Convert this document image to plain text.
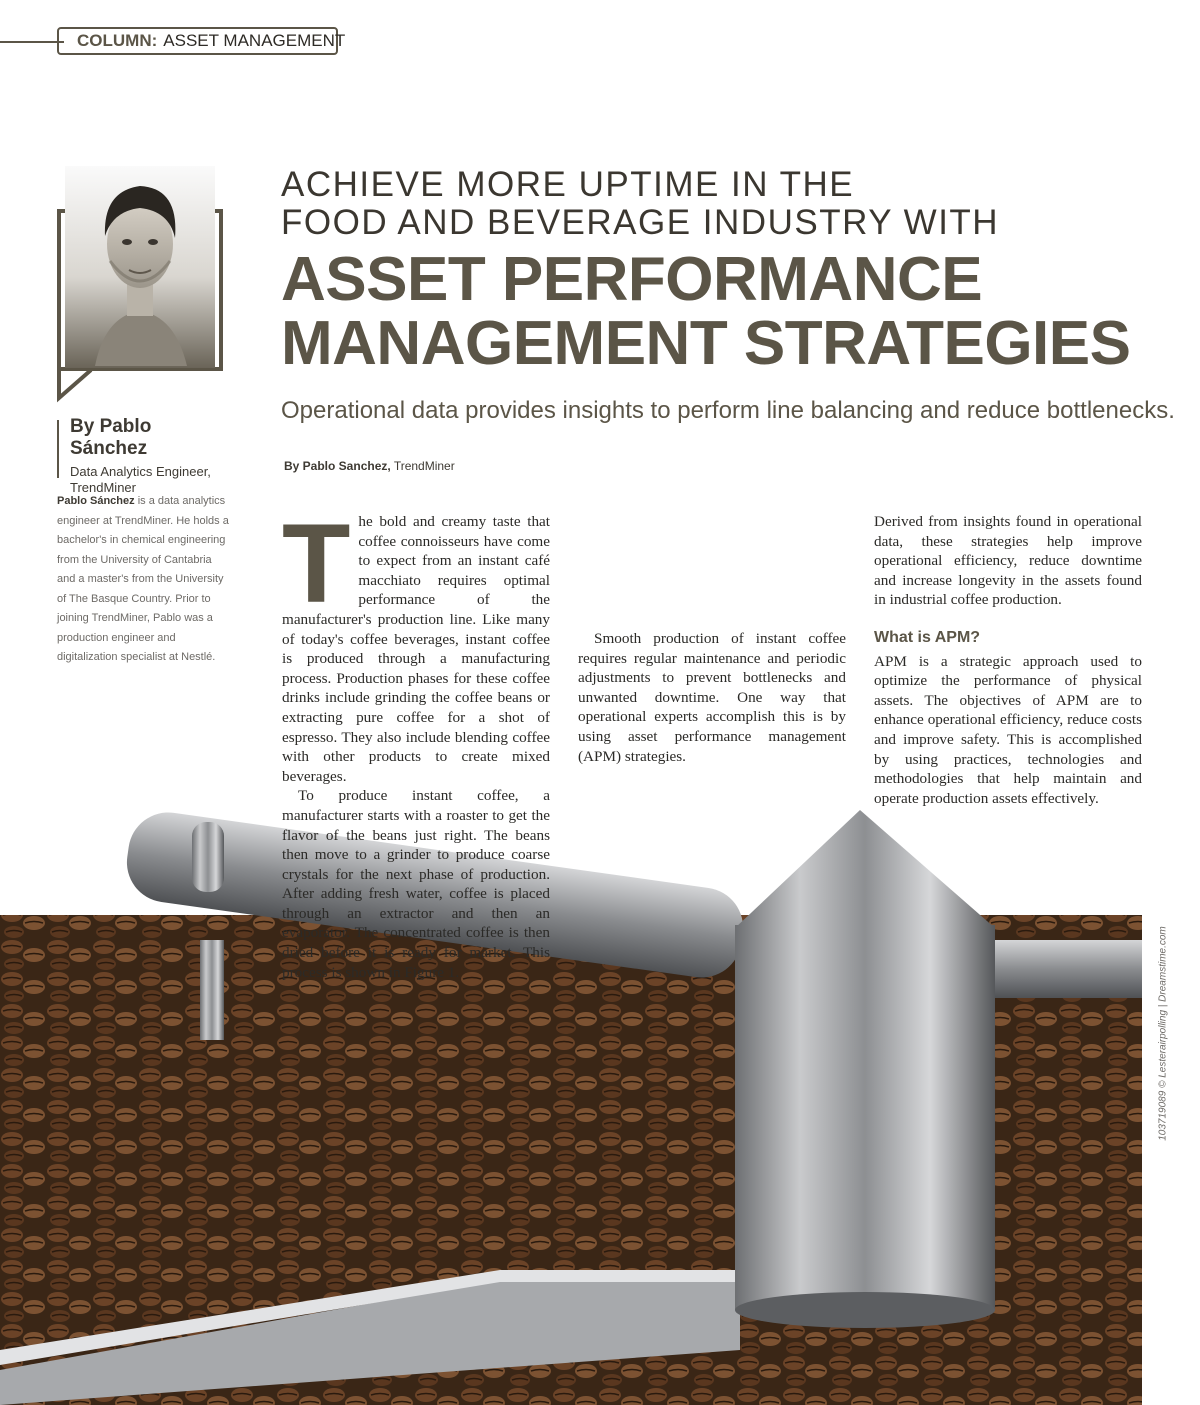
COLUMN: ASSET MANAGEMENT
By Pablo Sánchez
Data Analytics Engineer,
TrendMiner
Pablo Sánchez is a data analytics engineer at TrendMiner. He holds a bachelor's in chemical engineering from the University of Cantabria and a master's from the University of The Basque Country. Prior to joining TrendMiner, Pablo was a production engineer and digitalization specialist at Nestlé.
ACHIEVE MORE UPTIME IN THE
FOOD AND BEVERAGE INDUSTRY WITH
ASSET PERFORMANCE
MANAGEMENT STRATEGIES
Operational data provides insights to perform line balancing and reduce bottlenecks.
By Pablo Sanchez, TrendMiner
T he bold and creamy taste that coffee connoisseurs have come to expect from an instant café macchiato requires optimal performance of the manufacturer's production line. Like many of today's coffee beverages, instant coffee is produced through a manufacturing process. Production phases for these coffee drinks include grinding the coffee beans or extracting pure coffee for a shot of espresso. They also include blending coffee with other products to create mixed beverages.

To produce instant coffee, a manufacturer starts with a roaster to get the flavor of the beans just right. The beans then move to a grinder to produce coarse crystals for the next phase of production. After adding fresh water, coffee is placed through an extractor and then an evaporator. The concentrated coffee is then dried before it is ready for market. This process is shown in Figure 1.

Smooth production of instant coffee requires regular maintenance and periodic adjustments to prevent bottlenecks and unwanted downtime. One way that operational experts accomplish this is by using asset performance management (APM) strategies.

Derived from insights found in operational data, these strategies help improve operational efficiency, reduce downtime and increase longevity in the assets found in industrial coffee production.

What is APM?

APM is a strategic approach used to optimize the performance of physical assets. The objectives of APM are to enhance operational efficiency, reduce costs and improve safety. This is accomplished by using practices, technologies and methodologies that help maintain and operate production assets effectively.

103719089 © Lesterairpolling | Dreamstime.com
